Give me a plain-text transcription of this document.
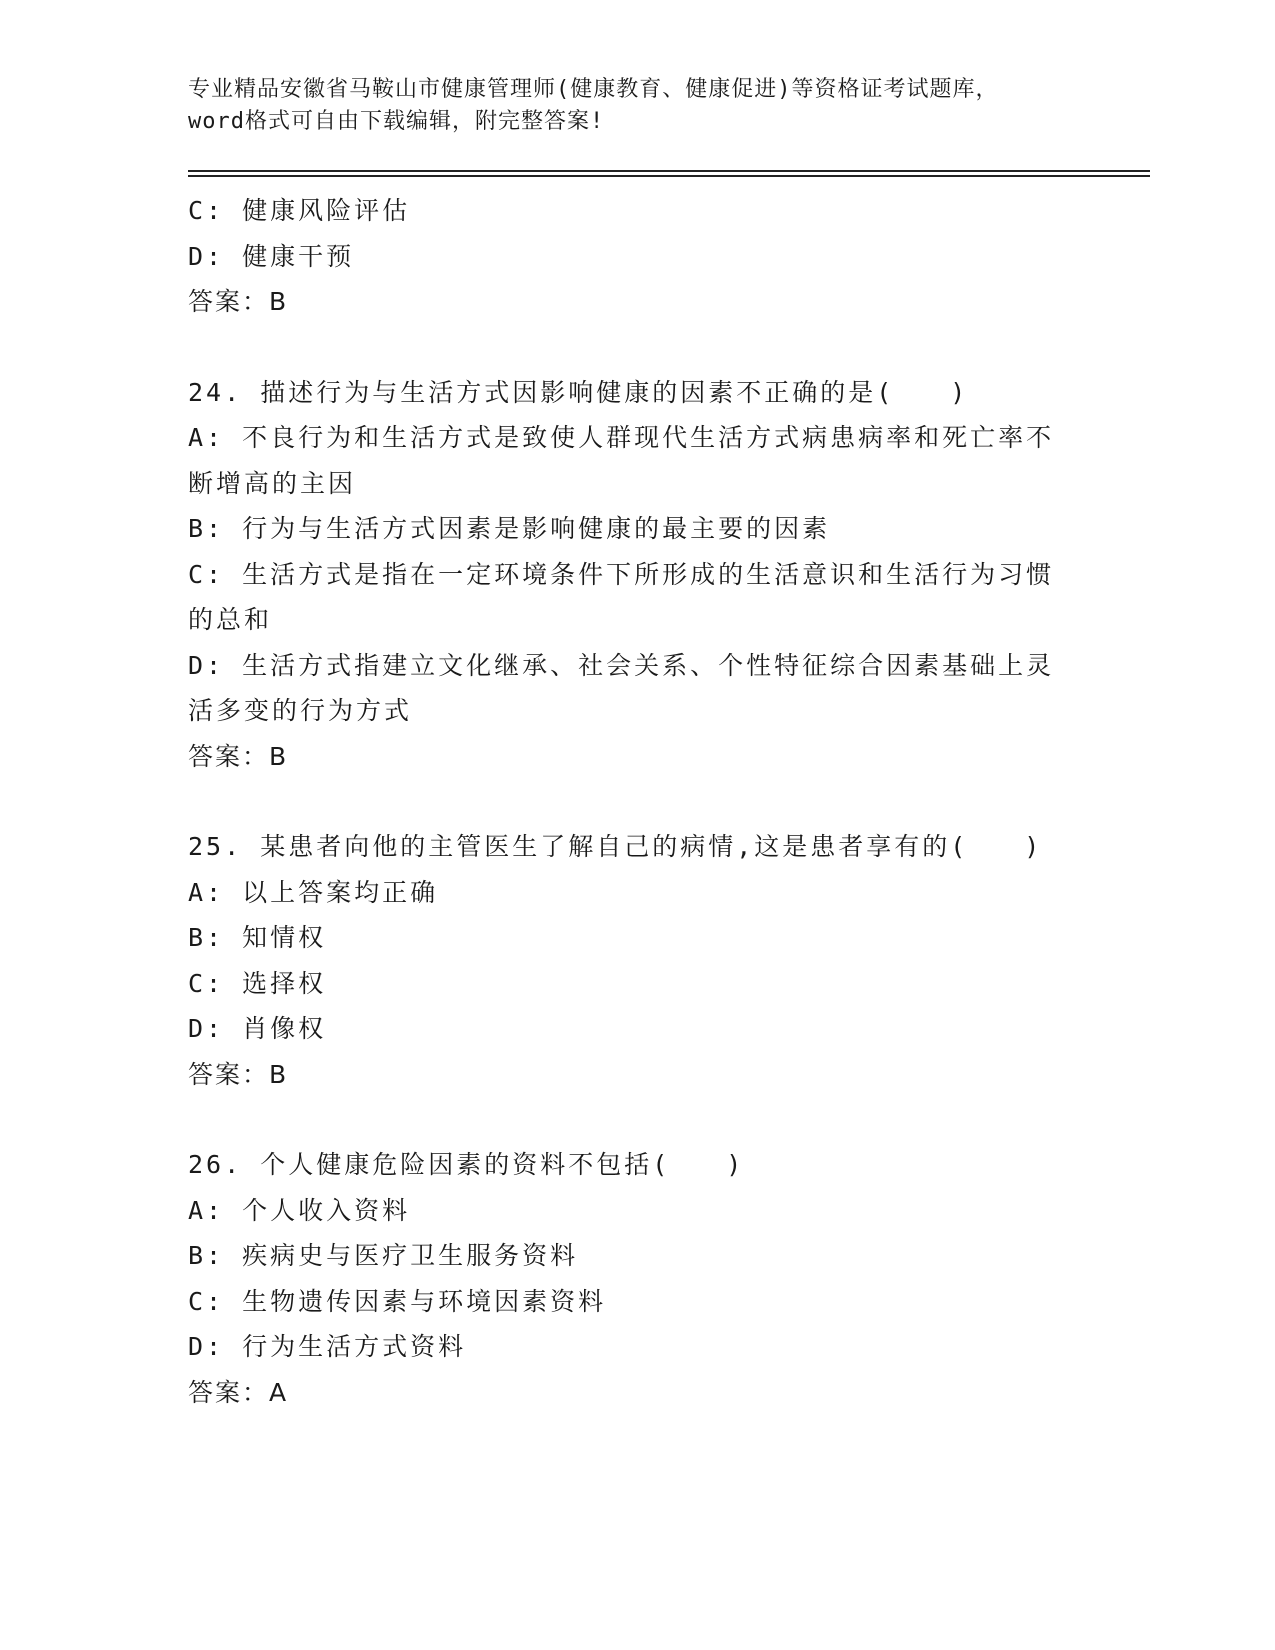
专业精品安徽省马鞍山市健康管理师(健康教育、健康促进)等资格证考试题库，
word格式可自由下载编辑，附完整答案!
C: 健康风险评估
D: 健康干预
答案：B
24. 描述行为与生活方式因影响健康的因素不正确的是(　　)
A: 不良行为和生活方式是致使人群现代生活方式病患病率和死亡率不
断增高的主因
B: 行为与生活方式因素是影响健康的最主要的因素
C: 生活方式是指在一定环境条件下所形成的生活意识和生活行为习惯
的总和
D: 生活方式指建立文化继承、社会关系、个性特征综合因素基础上灵
活多变的行为方式
答案：B
25. 某患者向他的主管医生了解自己的病情,这是患者享有的(　　)
A: 以上答案均正确
B: 知情权
C: 选择权
D: 肖像权
答案：B
26. 个人健康危险因素的资料不包括(　　)
A: 个人收入资料
B: 疾病史与医疗卫生服务资料
C: 生物遗传因素与环境因素资料
D: 行为生活方式资料
答案：A
